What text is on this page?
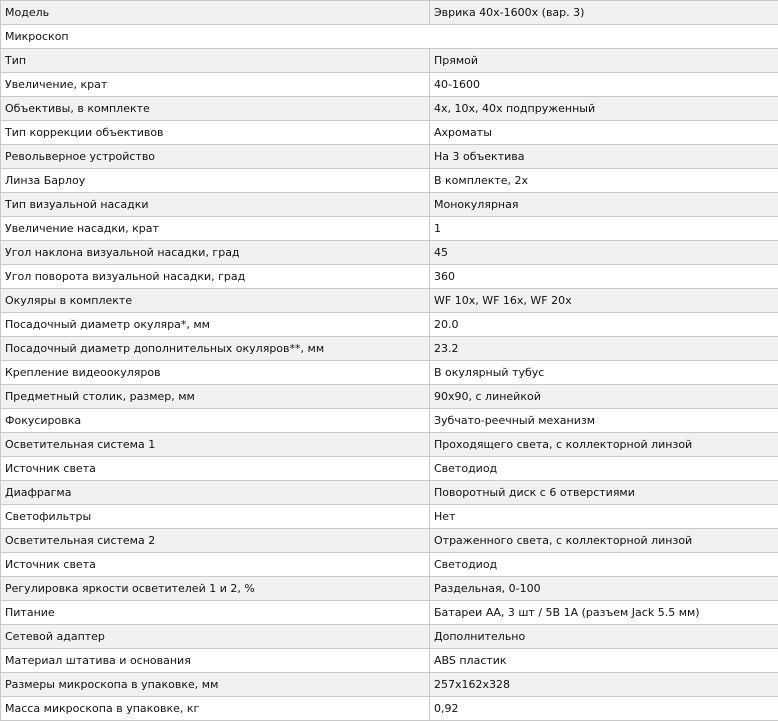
Модель	Эврика 40х-1600х (вар. 3)
Микроскоп	
Тип	Прямой
Увеличение, крат	40-1600
Объективы, в комплекте	4х, 10х, 40х подпруженный
Тип коррекции объективов	Ахроматы
Револьверное устройство	На 3 объектива
Линза Барлоу	В комплекте, 2х
Тип визуальной насадки	Монокулярная
Увеличение насадки, крат	1
Угол наклона визуальной насадки, град	45
Угол поворота визуальной насадки, град	360
Окуляры в комплекте	WF 10x, WF 16x, WF 20x
Посадочный диаметр окуляра*, мм	20.0
Посадочный диаметр дополнительных окуляров**, мм	23.2
Крепление видеоокуляров	В окулярный тубус
Предметный столик, размер, мм	90х90, с линейкой
Фокусировка	Зубчато-реечный механизм
Осветительная система 1	Проходящего света, с коллекторной линзой
Источник света	Светодиод
Диафрагма	Поворотный диск с 6 отверстиями
Светофильтры	Нет
Осветительная система 2	Отраженного света, с коллекторной линзой
Источник света	Светодиод
Регулировка яркости осветителей 1 и 2, %	Раздельная, 0-100
Питание	Батареи АА, 3 шт / 5В 1А (разъем Jack 5.5 мм)
Сетевой адаптер	Дополнительно
Материал штатива и основания	ABS пластик
Размеры микроскопа в упаковке, мм	257x162x328
Масса микроскопа в упаковке, кг	0,92
